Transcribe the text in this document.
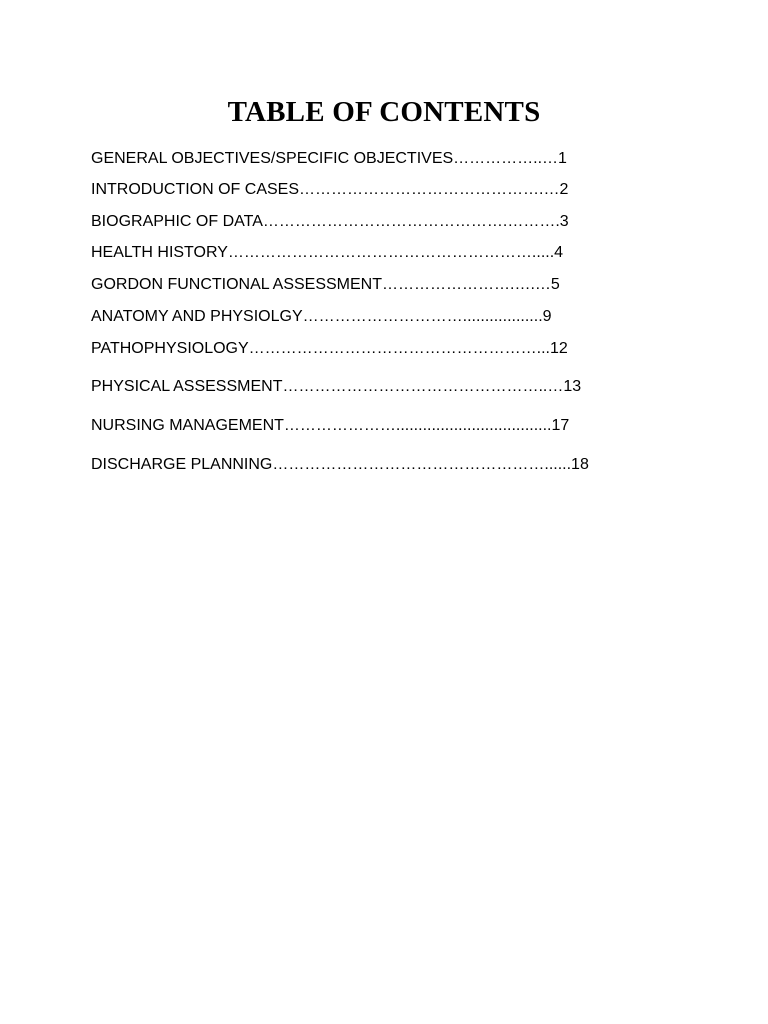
TABLE OF CONTENTS
GENERAL OBJECTIVES/SPECIFIC OBJECTIVES……………..…1
INTRODUCTION OF CASES……………………………………….…2
BIOGRAPHIC OF DATA……………………………………….……….3
HEALTH HISTORY………………………………………………….....4
GORDON FUNCTIONAL ASSESSMENT…………………….….…5
ANATOMY AND PHYSIOLGY…………………………..................9
PATHOPHYSIOLOGY………………………………………………...12
PHYSICAL ASSESSMENT…………………………………………..…13
NURSING MANAGEMENT…………………...................................17
DISCHARGE PLANNING……………………………………………......18
